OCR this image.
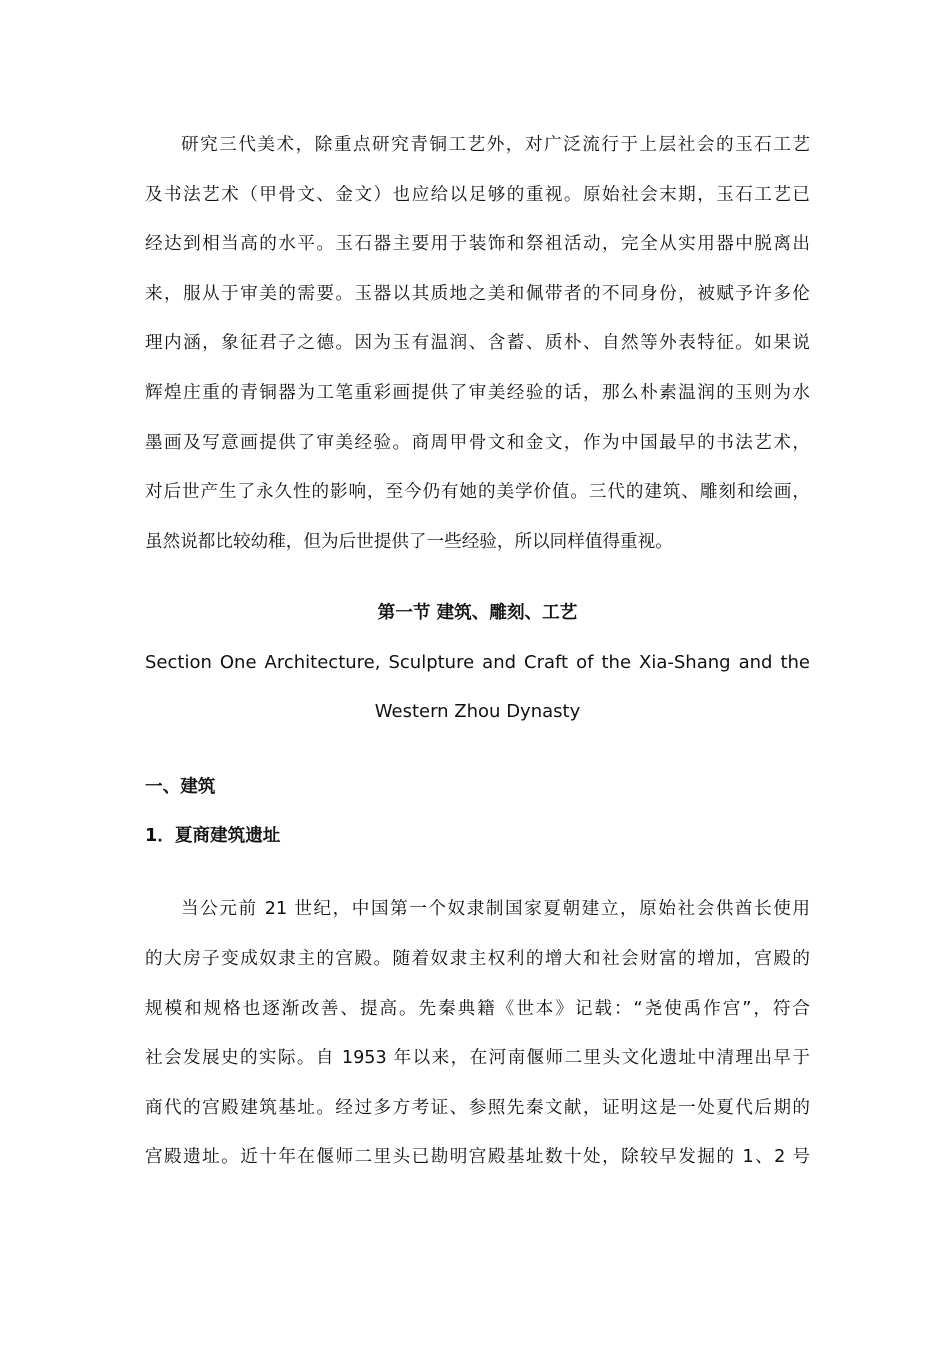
研究三代美术，除重点研究青铜工艺外，对广泛流行于上层社会的玉石工艺
及书法艺术（甲骨文、金文）也应给以足够的重视。原始社会末期，玉石工艺已
经达到相当高的水平。玉石器主要用于装饰和祭祖活动，完全从实用器中脱离出
来，服从于审美的需要。玉器以其质地之美和佩带者的不同身份，被赋予许多伦
理内涵，象征君子之德。因为玉有温润、含蓄、质朴、自然等外表特征。如果说
辉煌庄重的青铜器为工笔重彩画提供了审美经验的话，那么朴素温润的玉则为水
墨画及写意画提供了审美经验。商周甲骨文和金文，作为中国最早的书法艺术，
对后世产生了永久性的影响，至今仍有她的美学价值。三代的建筑、雕刻和绘画，
虽然说都比较幼稚，但为后世提供了一些经验，所以同样值得重视。
第一节 建筑、雕刻、工艺
Section One Architecture, Sculpture and Craft of the Xia-Shang and the
Western Zhou Dynasty
一、建筑
1．夏商建筑遗址
当公元前 21 世纪，中国第一个奴隶制国家夏朝建立，原始社会供酋长使用
的大房子变成奴隶主的宫殿。随着奴隶主权利的增大和社会财富的增加，宫殿的
规模和规格也逐渐改善、提高。先秦典籍《世本》记载：“尧使禹作宫”，符合
社会发展史的实际。自 1953 年以来，在河南偃师二里头文化遗址中清理出早于
商代的宫殿建筑基址。经过多方考证、参照先秦文献，证明这是一处夏代后期的
宫殿遗址。近十年在偃师二里头已勘明宫殿基址数十处，除较早发掘的 1、2 号
